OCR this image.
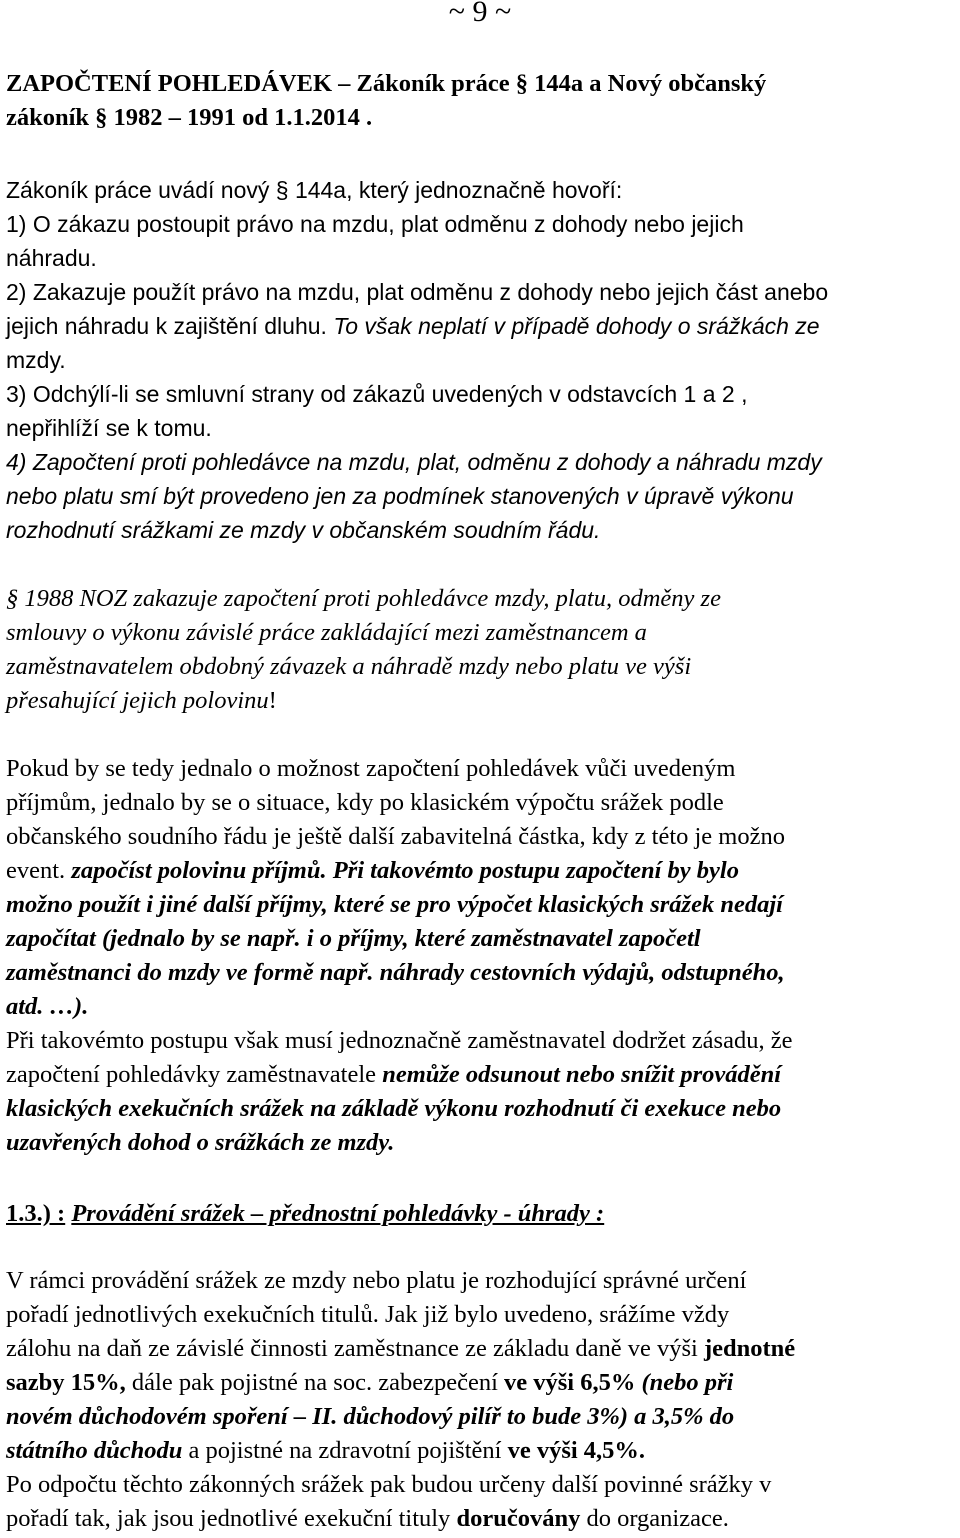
~ 9 ~
ZAPOČTENÍ POHLEDÁVEK – Zákoník práce § 144a a Nový občanský
zákoník § 1982 – 1991 od 1.1.2014 .
Zákoník práce uvádí nový § 144a, který jednoznačně hovoří:
1) O zákazu postoupit právo na mzdu, plat odměnu z dohody nebo jejich
náhradu.
2) Zakazuje použít právo na mzdu, plat odměnu z dohody nebo jejich část anebo
jejich náhradu k zajištění dluhu. To však neplatí v případě dohody o srážkách ze
mzdy.
3) Odchýlí-li se smluvní strany od zákazů uvedených v odstavcích 1 a 2 ,
nepřihlíží se k tomu.
4) Započtení proti pohledávce na mzdu, plat, odměnu z dohody a náhradu mzdy
nebo platu smí být provedeno jen za podmínek stanovených v úpravě výkonu
rozhodnutí srážkami ze mzdy v občanském soudním řádu.
§ 1988 NOZ zakazuje započtení proti pohledávce mzdy, platu, odměny ze
smlouvy o výkonu závislé práce zakládající mezi zaměstnancem a
zaměstnavatelem obdobný závazek a náhradě mzdy nebo platu ve výši
přesahující jejich polovinu!
Pokud by se tedy jednalo o možnost započtení pohledávek vůči uvedeným
příjmům, jednalo by se o situace, kdy po klasickém výpočtu srážek podle
občanského soudního řádu je ještě další zabavitelná částka, kdy z této je možno
event. započíst polovinu příjmů. Při takovémto postupu započtení by bylo
možno použít i jiné další příjmy, které se pro výpočet klasických srážek nedají
započítat (jednalo by se např. i o příjmy, které zaměstnavatel započetl
zaměstnanci do mzdy ve formě např. náhrady cestovních výdajů, odstupného,
atd. …).
Při takovémto postupu však musí jednoznačně zaměstnavatel dodržet zásadu, že
započtení pohledávky zaměstnavatele nemůže odsunout nebo snížit provádění
klasických exekučních srážek na základě výkonu rozhodnutí či exekuce nebo
uzavřených dohod o srážkách ze mzdy.
1.3.) : Provádění srážek – přednostní pohledávky - úhrady :
V rámci provádění srážek ze mzdy nebo platu je rozhodující správné určení
pořadí jednotlivých exekučních titulů. Jak již bylo uvedeno, srážíme vždy
zálohu na daň ze závislé činnosti zaměstnance ze základu daně ve výši jednotné
sazby 15%, dále pak pojistné na soc. zabezpečení ve výši 6,5% (nebo při
novém důchodovém spoření – II. důchodový pilíř to bude 3%) a 3,5% do
státního důchodu a pojistné na zdravotní pojištění ve výši 4,5%.
Po odpočtu těchto zákonných srážek pak budou určeny další povinné srážky v
pořadí tak, jak jsou jednotlivé exekuční tituly doručovány do organizace.
